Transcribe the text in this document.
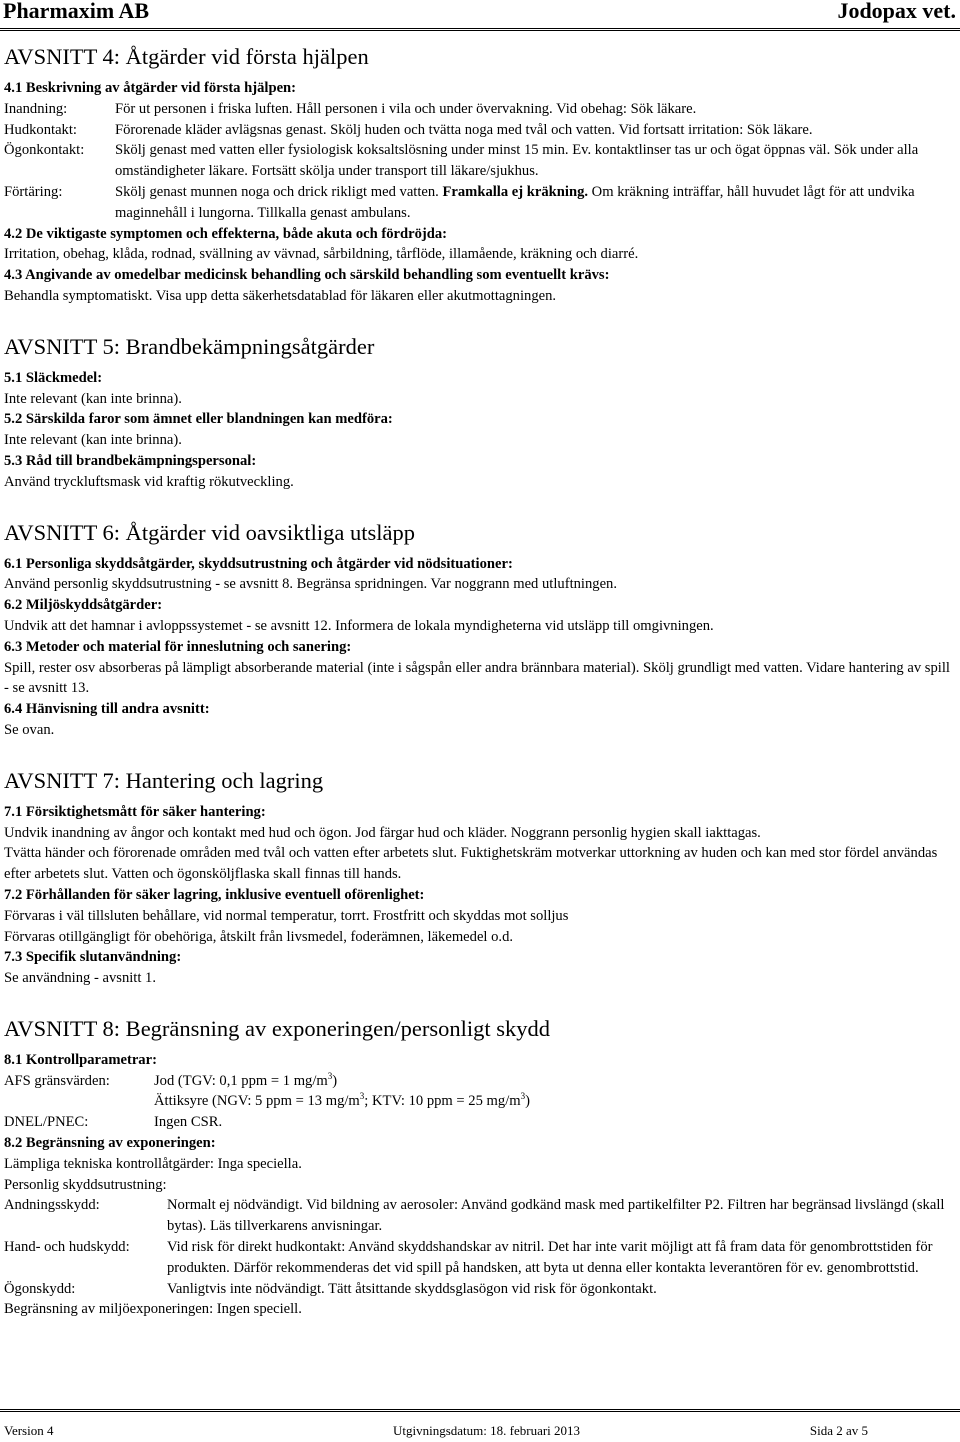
Pharmaxim AB	Jodopax vet.
AVSNITT 4: Åtgärder vid första hjälpen
4.1 Beskrivning av åtgärder vid första hjälpen:
Inandning:	För ut personen i friska luften. Håll personen i vila och under övervakning. Vid obehag: Sök läkare.
Hudkontakt:	Förorenade kläder avlägsnas genast. Skölj huden och tvätta noga med tvål och vatten. Vid fortsatt irritation: Sök läkare.
Ögonkontakt:	Skölj genast med vatten eller fysiologisk koksaltslösning under minst 15 min. Ev. kontaktlinser tas ur och ögat öppnas väl. Sök under alla omständigheter läkare. Fortsätt skölja under transport till läkare/sjukhus.
Förtäring:	Skölj genast munnen noga och drick rikligt med vatten. Framkalla ej kräkning. Om kräkning inträffar, håll huvudet lågt för att undvika maginnehåll i lungorna. Tillkalla genast ambulans.
4.2 De viktigaste symptomen och effekterna, både akuta och fördröjda:
Irritation, obehag, klåda, rodnad, svällning av vävnad, sårbildning, tårflöde, illamående, kräkning och diarré.
4.3 Angivande av omedelbar medicinsk behandling och särskild behandling som eventuellt krävs:
Behandla symptomatiskt. Visa upp detta säkerhetsdatablad för läkaren eller akutmottagningen.
AVSNITT 5: Brandbekämpningsåtgärder
5.1 Släckmedel:
Inte relevant (kan inte brinna).
5.2 Särskilda faror som ämnet eller blandningen kan medföra:
Inte relevant (kan inte brinna).
5.3 Råd till brandbekämpningspersonal:
Använd tryckluftsmask vid kraftig rökutveckling.
AVSNITT 6: Åtgärder vid oavsiktliga utsläpp
6.1 Personliga skyddsåtgärder, skyddsutrustning och åtgärder vid nödsituationer:
Använd personlig skyddsutrustning - se avsnitt 8. Begränsa spridningen. Var noggrann med utluftningen.
6.2 Miljöskyddsåtgärder:
Undvik att det hamnar i avloppssystemet - se avsnitt 12. Informera de lokala myndigheterna vid utsläpp till omgivningen.
6.3 Metoder och material för inneslutning och sanering:
Spill, rester osv absorberas på lämpligt absorberande material (inte i sågspån eller andra brännbara material). Skölj grundligt med vatten. Vidare hantering av spill - se avsnitt 13.
6.4 Hänvisning till andra avsnitt:
Se ovan.
AVSNITT 7: Hantering och lagring
7.1 Försiktighetsmått för säker hantering:
Undvik inandning av ångor och kontakt med hud och ögon. Jod färgar hud och kläder. Noggrann personlig hygien skall iakttagas.
Tvätta händer och förorenade områden med tvål och vatten efter arbetets slut. Fuktighetskräm motverkar uttorkning av huden och kan med stor fördel användas efter arbetets slut. Vatten och ögonsköljflaska skall finnas till hands.
7.2 Förhållanden för säker lagring, inklusive eventuell oförenlighet:
Förvaras i väl tillsluten behållare, vid normal temperatur, torrt. Frostfritt och skyddas mot solljus
Förvaras otillgängligt för obehöriga, åtskilt från livsmedel, foderämnen, läkemedel o.d.
7.3 Specifik slutanvändning:
Se användning - avsnitt 1.
AVSNITT 8: Begränsning av exponeringen/personligt skydd
8.1 Kontrollparametrar:
AFS gränsvärden:	Jod (TGV: 0,1 ppm = 1 $mg/m^3$)
Ättiksyre (NGV: 5 ppm = 13 $mg/m^3$; KTV: 10 ppm = 25 $mg/m^3$)
DNEL/PNEC:	Ingen CSR.
8.2 Begränsning av exponeringen:
Lämpliga tekniska kontrollåtgärder: Inga speciella.
Personlig skyddsutrustning:
Andningsskydd:	Normalt ej nödvändigt. Vid bildning av aerosoler: Använd godkänd mask med partikelfilter P2. Filtren har begränsad livslängd (skall bytas). Läs tillverkarens anvisningar.
Hand- och hudskydd:	Vid risk för direkt hudkontakt: Använd skyddshandskar av nitril. Det har inte varit möjligt att få fram data för genombrottstiden för produkten. Därför rekommenderas det vid spill på handsken, att byta ut denna eller kontakta leverantören för ev. genombrottstid.
Ögonskydd:	Vanligtvis inte nödvändigt. Tätt åtsittande skyddsglasögon vid risk för ögonkontakt.
Begränsning av miljöexponeringen: Ingen speciell.
Version 4	Utgivningsdatum: 18. februari 2013	Sida 2 av 5
